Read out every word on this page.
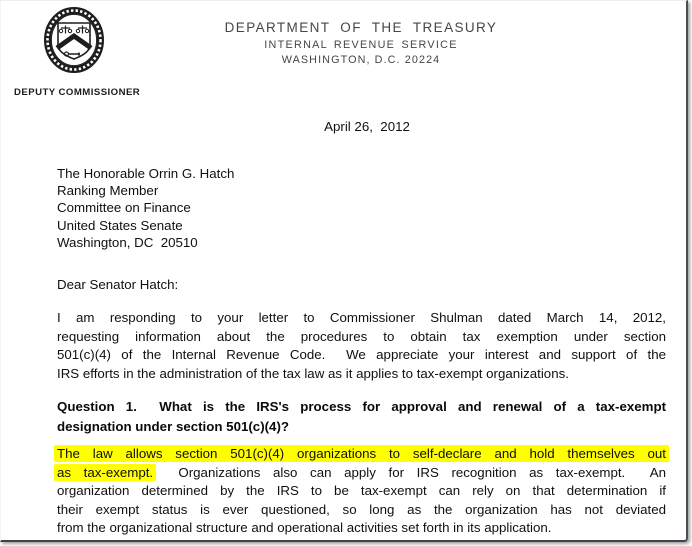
DEPARTMENT OF THE TREASURY
INTERNAL REVENUE SERVICE
WASHINGTON, D.C. 20224
DEPUTY COMMISSIONER
April 26,  2012
The Honorable Orrin G. Hatch
Ranking Member
Committee on Finance
United States Senate
Washington, DC  20510
Dear Senator Hatch:
I am responding to your letter to Commissioner Shulman dated March 14, 2012,
requesting information about the procedures to obtain tax exemption under section
501(c)(4) of the Internal Revenue Code.  We appreciate your interest and support of the
IRS efforts in the administration of the tax law as it applies to tax-exempt organizations.
Question 1.  What is the IRS's process for approval and renewal of a tax-exempt
designation under section 501(c)(4)?
The law allows section 501(c)(4) organizations to self-declare and hold themselves out
as tax-exempt.  Organizations also can apply for IRS recognition as tax-exempt.  An
organization determined by the IRS to be tax-exempt can rely on that determination if
their exempt status is ever questioned, so long as the organization has not deviated
from the organizational structure and operational activities set forth in its application.
